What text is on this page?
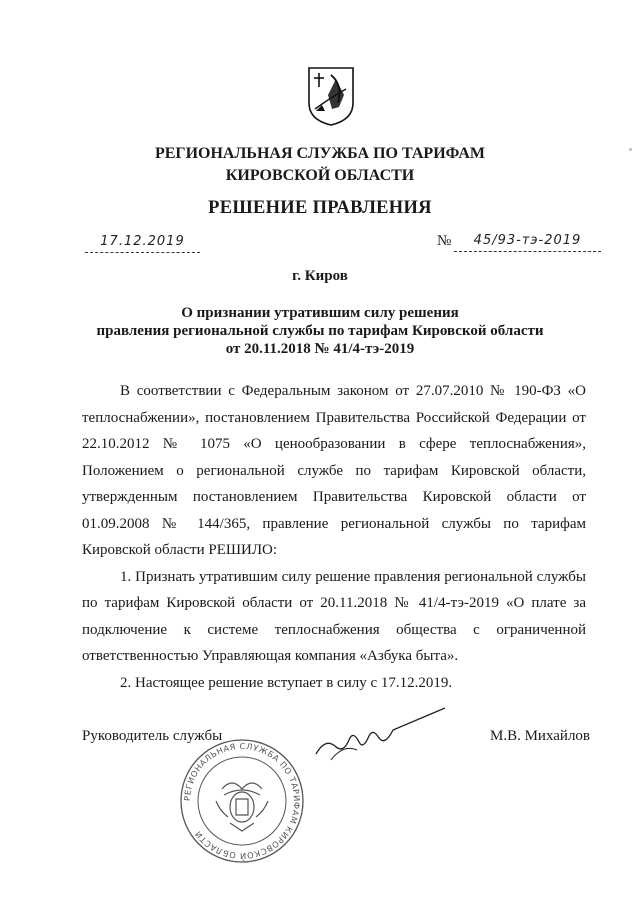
РЕГИОНАЛЬНАЯ СЛУЖБА ПО ТАРИФАМ
КИРОВСКОЙ ОБЛАСТИ
РЕШЕНИЕ ПРАВЛЕНИЯ
17.12.2019	№	45/93-тэ-2019
г. Киров
О признании утратившим силу решения
правления региональной службы по тарифам Кировской области
от 20.11.2018 № 41/4-тэ-2019

В соответствии с Федеральным законом от 27.07.2010 № 190-ФЗ «О теплоснабжении», постановлением Правительства Российской Федерации от 22.10.2012 № 1075 «О ценообразовании в сфере теплоснабжения», Положением о региональной службе по тарифам Кировской области, утвержденным постановлением Правительства Кировской области от 01.09.2008 № 144/365, правление региональной службы по тарифам Кировской области РЕШИЛО:

1. Признать утратившим силу решение правления региональной службы по тарифам Кировской области от 20.11.2018 № 41/4-тэ-2019 «О плате за подключение к системе теплоснабжения общества с ограниченной ответственностью Управляющая компания «Азбука быта».

2. Настоящее решение вступает в силу с 17.12.2019.

РЕГИОНАЛЬНАЯ СЛУЖБА ПО ТАРИФАМ КИРОВСКОЙ ОБЛАСТИ
Руководитель службы	М.В. Михайлов
